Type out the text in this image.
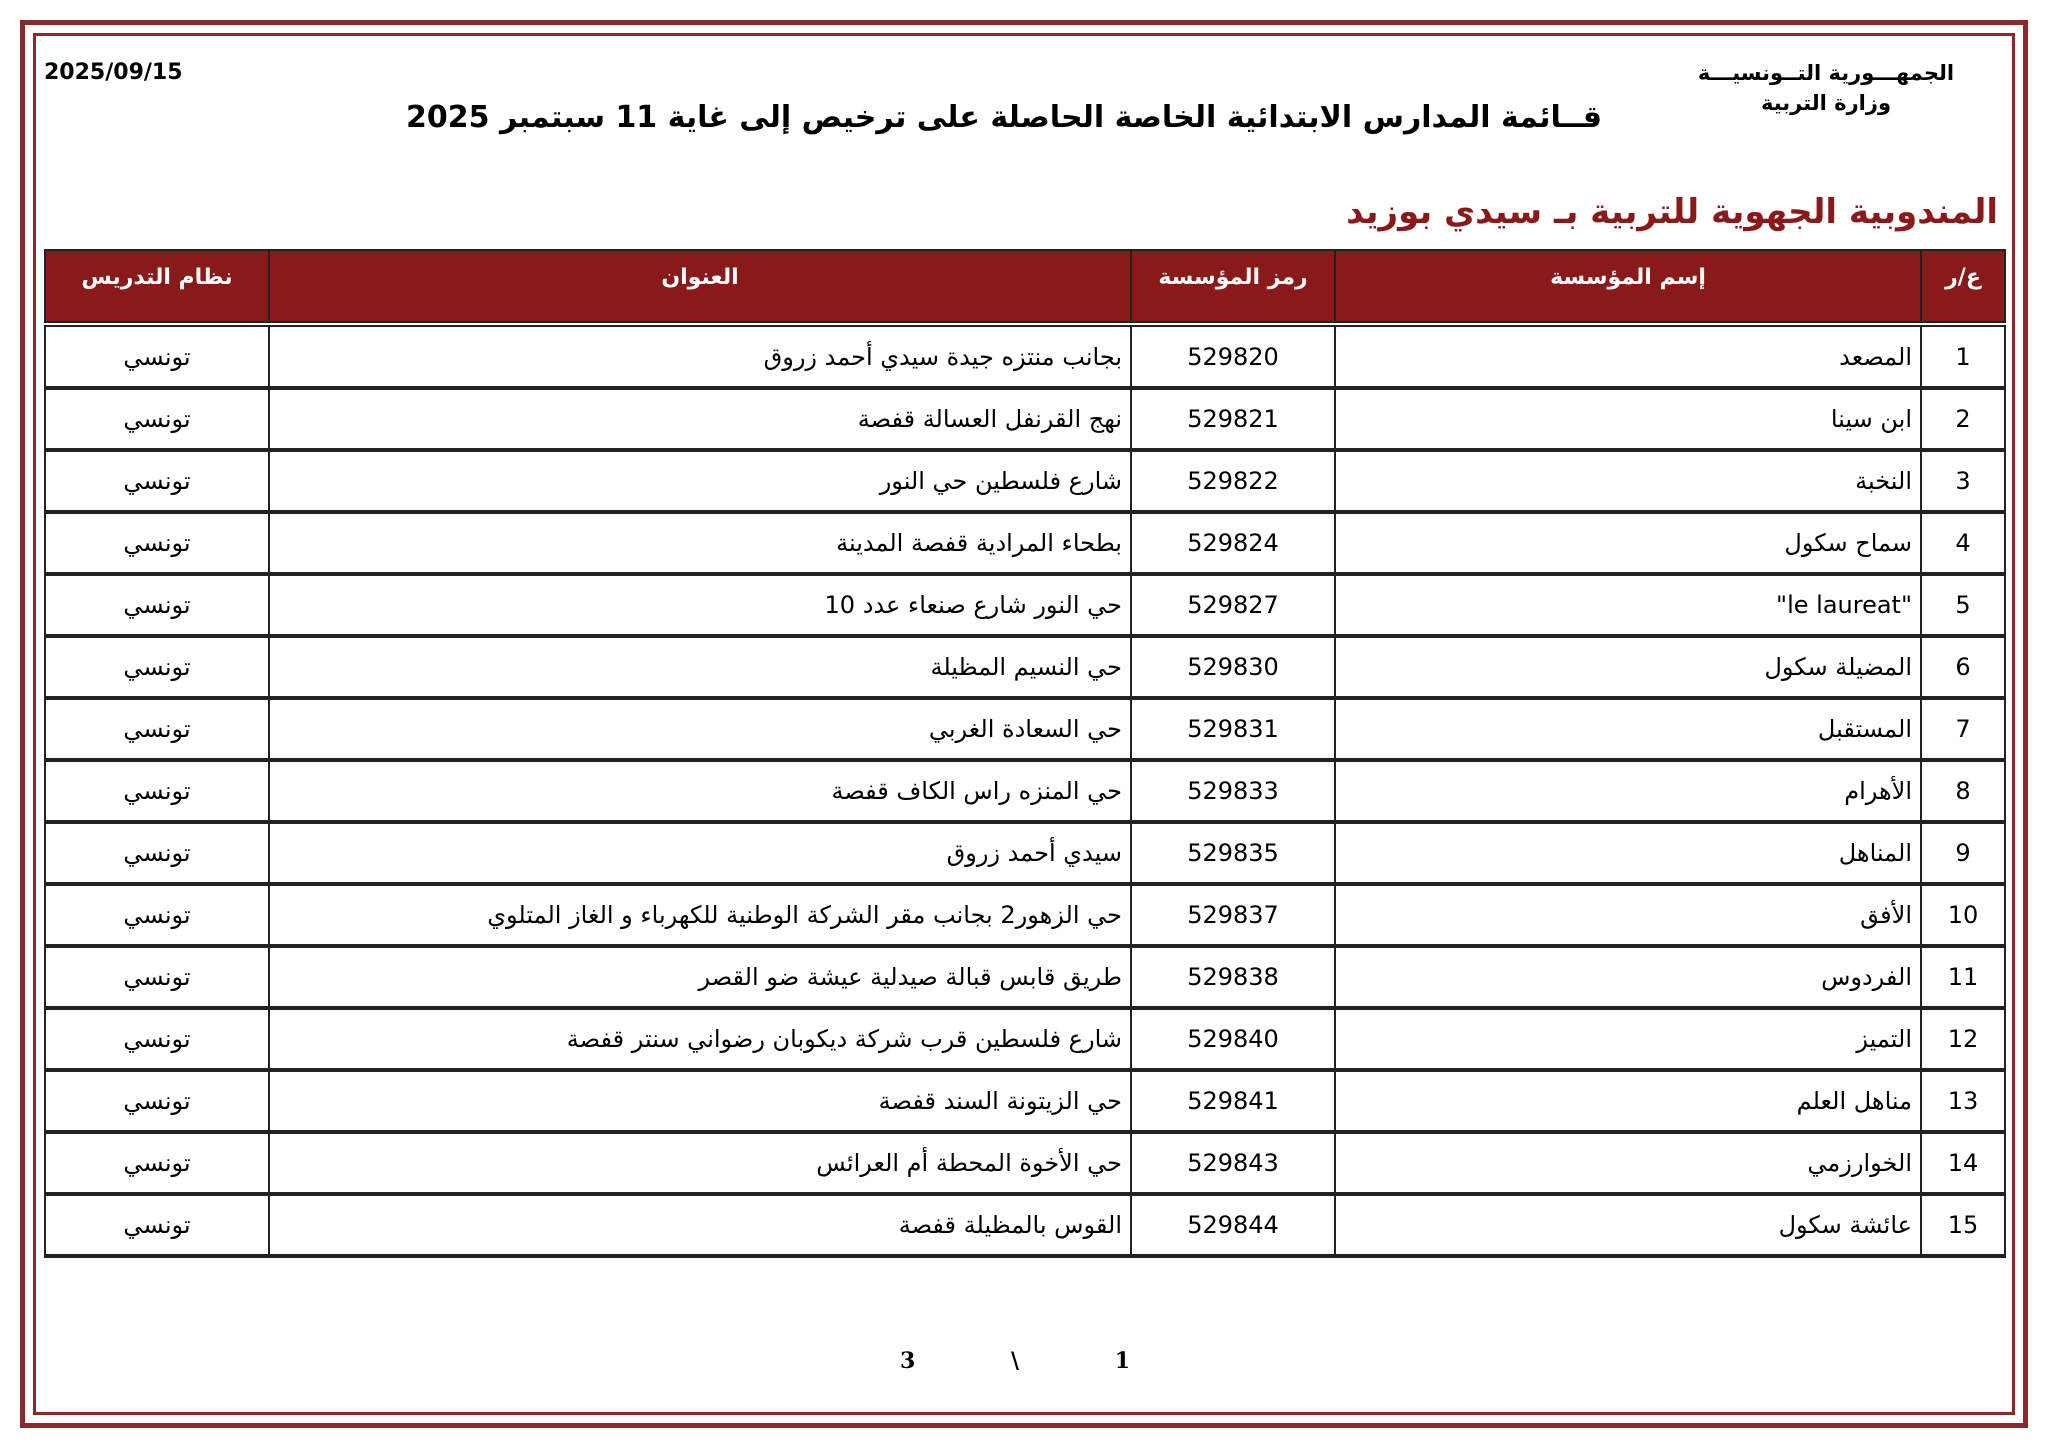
الجمهـــورية التــونسيـــة
وزارة التربية
2025/09/15
قــائمة المدارس الابتدائية الخاصة الحاصلة على ترخيص إلى غاية 11 سبتمبر 2025
المندوبية الجهوية للتربية بـ سيدي بوزيد
ع/ر	إسم المؤسسة	رمز المؤسسة	العنوان	نظام التدريس

1	المصعد	529820	بجانب منتزه جيدة سيدي أحمد زروق	تونسي
2	ابن سينا	529821	نهج القرنفل العسالة قفصة	تونسي
3	النخبة	529822	شارع فلسطين حي النور	تونسي
4	سماح سكول	529824	بطحاء المرادية قفصة المدينة	تونسي
5	"le laureat"	529827	حي النور شارع صنعاء عدد 10	تونسي
6	المضيلة سكول	529830	حي النسيم المظيلة	تونسي
7	المستقبل	529831	حي السعادة الغربي	تونسي
8	الأهرام	529833	حي المنزه راس الكاف قفصة	تونسي
9	المناهل	529835	سيدي أحمد زروق	تونسي
10	الأفق	529837	حي الزهور2 بجانب مقر الشركة الوطنية للكهرباء و الغاز المتلوي	تونسي
11	الفردوس	529838	طريق قابس قبالة صيدلية عيشة ضو القصر	تونسي
12	التميز	529840	شارع فلسطين قرب شركة ديكوبان رضواني سنتر قفصة	تونسي
13	مناهل العلم	529841	حي الزيتونة السند قفصة	تونسي
14	الخوارزمي	529843	حي الأخوة المحطة أم العرائس	تونسي
15	عائشة سكول	529844	القوس بالمظيلة قفصة	تونسي
1
\
3
